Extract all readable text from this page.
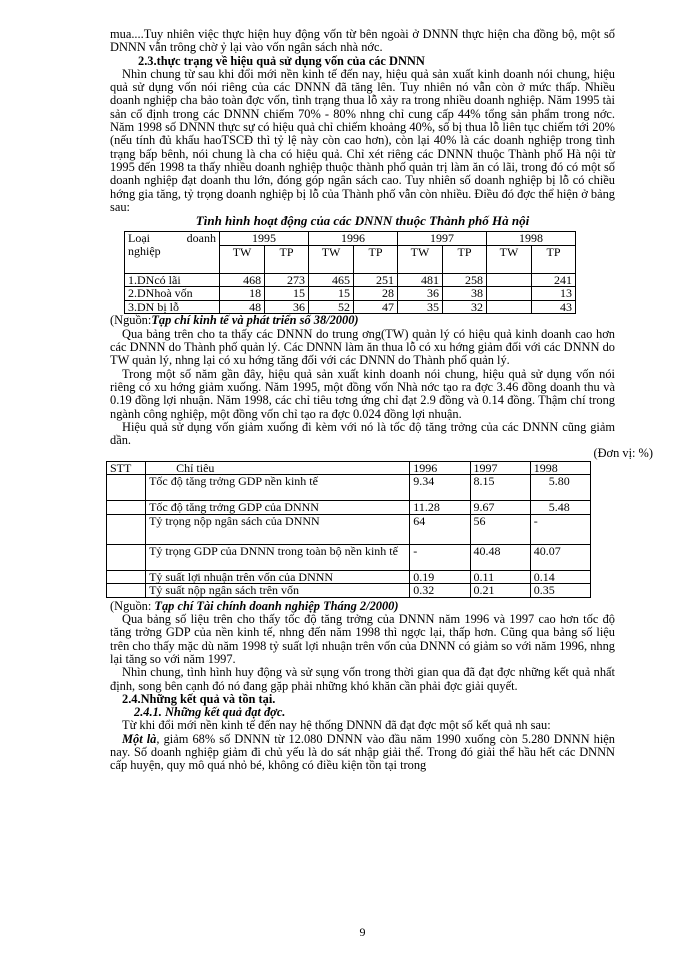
mua....Tuy nhiên việc thực hiện huy động vốn từ bên ngoài ở DNNN thực hiện cha đồng bộ, một số DNNN vẫn trông chờ ỷ lại vào vốn ngân sách nhà nớc.

2.3.thực trạng về hiệu quả sử dụng vốn của các DNNN

Nhìn chung từ sau khi đổi mới nền kinh tế đến nay, hiệu quả sản xuất kinh doanh nói chung, hiệu quả sử dụng vốn nói riêng của các DNNN đã tăng lên. Tuy nhiên nó vẫn còn ở mức thấp. Nhiều doanh nghiệp cha bảo toàn đợc vốn, tình trạng thua lỗ xảy ra trong nhiều doanh nghiệp. Năm 1995 tài sản cố định trong các DNNN chiếm 70% - 80% nhng chỉ cung cấp 44% tổng sản phẩm trong nớc. Năm 1998 số DNNN thực sự có hiệu quả chỉ chiếm khoảng 40%, số bị thua lỗ liên tục chiếm tới 20% (nếu tính đủ khấu haoTSCĐ thì tỷ lệ này còn cao hơn), còn lại 40% là các doanh nghiệp trong tình trạng bấp bênh, nói chung là cha có hiệu quả. Chỉ xét riêng các DNNN thuộc Thành phố Hà nội từ 1995 đến 1998 ta thấy nhiều doanh nghiệp thuộc thành phố quản trị làm ăn có lãi, trong đó có một số doanh nghiệp đạt doanh thu lớn, đóng góp ngân sách cao. Tuy nhiên số doanh nghiệp bị lỗ có chiều hớng gia tăng, tỷ trọng doanh nghiệp bị lỗ của Thành phố vẫn còn nhiều. Điều đó đợc thể hiện ở bảng sau:

Tình hình hoạt động của các DNNN thuộc Thành phố Hà nội

Loại doanh

nghiệp	1995		1996		1997		1998	
	TW	TP	TW	TP	TW	TP	TW	TP
1.DNcó lãi	468	273	465	251	481	258		241
2.DNhoà vốn	18	15	15	28	36	38		13
3.DN bị lỗ	48	36	52	47	35	32		43

(Nguồn:Tạp chí kinh tế và phát triển số 38/2000)

Qua bảng trên cho ta thấy các DNNN do trung ơng(TW) quản lý có hiệu quả kinh doanh cao hơn các DNNN do Thành phố quản lý. Các DNNN làm ăn thua lỗ có xu hớng giảm đối với các DNNN do TW quản lý, nhng lại có xu hớng tăng đối với các DNNN do Thành phố quản lý.

Trong một số năm gần đây, hiệu quả sản xuất kinh doanh nói chung, hiệu quả sử dụng vốn nói riêng có xu hớng giảm xuống. Năm 1995, một đồng vốn Nhà nớc tạo ra đợc 3.46 đồng doanh thu và 0.19 đồng lợi nhuận. Năm 1998, các chỉ tiêu tơng ứng chỉ đạt 2.9 đồng và 0.14 đồng. Thậm chí trong ngành công nghiệp, một đồng vốn chỉ tạo ra đợc 0.024 đồng lợi nhuận.

Hiệu quả sử dụng vốn giảm xuống đi kèm với nó là tốc độ tăng trởng của các DNNN cũng giảm dần.

(Đơn vị: %)

STT	Chỉ tiêu	1996	1997	1998
	Tốc độ tăng trởng GDP nền kinh tế	9.34	8.15	5.80
	Tốc độ tăng trởng GDP của DNNN	11.28	9.67	5.48
	Tỷ trọng nộp ngân sách của DNNN	64	56	-
	Tỷ trọng GDP của DNNN trong toàn bộ nền kinh tế	-	40.48	40.07
	Tỷ suất lợi nhuận trên vốn của DNNN	0.19	0.11	0.14
	Tỷ suất nộp ngân sách trên vốn	0.32	0.21	0.35

(Nguồn: Tạp chí Tài chính doanh nghiệp Tháng 2/2000)

Qua bảng số liệu trên cho thấy tốc độ tăng trởng của DNNN năm 1996 và 1997 cao hơn tốc độ tăng trởng GDP của nền kinh tế, nhng đến năm 1998 thì ngợc lại, thấp hơn. Cũng qua bảng số liệu trên cho thấy mặc dù năm 1998 tỷ suất lợi nhuận trên vốn của DNNN có giảm so với năm 1996, nhng lại tăng so với năm 1997.

Nhìn chung, tình hình huy động và sử sụng vốn trong thời gian qua đã đạt đợc những kết quả nhất định, song bên cạnh đó nó đang gặp phải những khó khăn cần phải đợc giải quyết.

2.4.Những kết quả và tồn tại.

2.4.1. Những kết quả đạt đợc.

Từ khi đổi mới nền kinh tế đến nay hệ thống DNNN đã đạt đợc một số kết quả nh sau:

Một là, giảm 68% số DNNN từ 12.080 DNNN vào đầu năm 1990 xuống còn 5.280 DNNN hiện nay. Số doanh nghiệp giảm đi chủ yếu là do sát nhập giải thể. Trong đó giải thể hầu hết các DNNN cấp huyện, quy mô quá nhỏ bé, không có điều kiện tồn tại trong

9
